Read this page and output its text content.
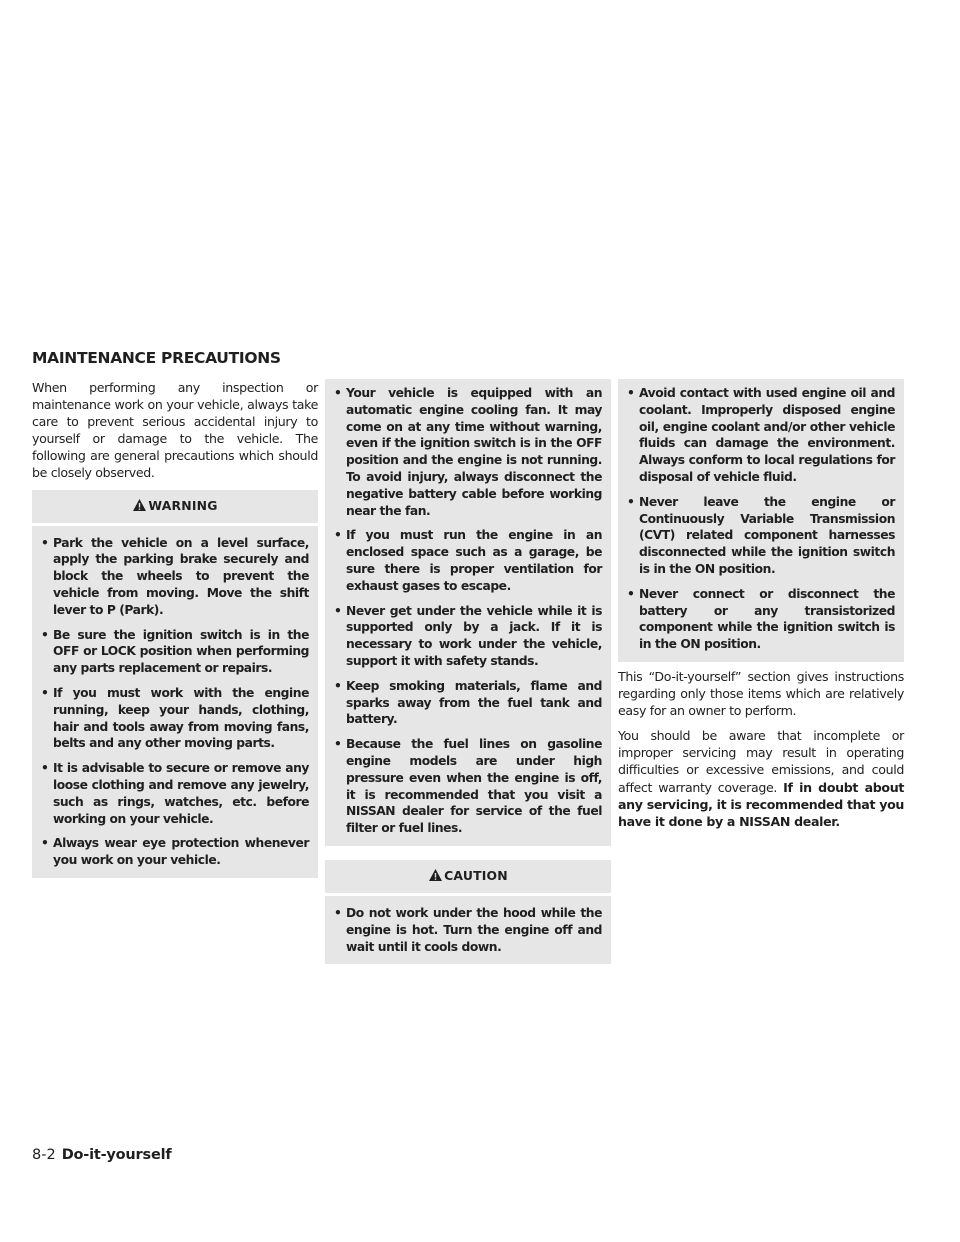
MAINTENANCE PRECAUTIONS

When performing any inspection or maintenance work on your vehicle, always take care to prevent serious accidental injury to yourself or damage to the vehicle. The following are general precautions which should be closely observed.

WARNING
• Park the vehicle on a level surface, apply the parking brake securely and block the wheels to prevent the vehicle from moving. Move the shift lever to P (Park).
• Be sure the ignition switch is in the OFF or LOCK position when performing any parts replacement or repairs.
• If you must work with the engine running, keep your hands, clothing, hair and tools away from moving fans, belts and any other moving parts.
• It is advisable to secure or remove any loose clothing and remove any jewelry, such as rings, watches, etc. before working on your vehicle.
• Always wear eye protection whenever you work on your vehicle.
• Your vehicle is equipped with an automatic engine cooling fan. It may come on at any time without warning, even if the ignition switch is in the OFF position and the engine is not running. To avoid injury, always disconnect the negative battery cable before working near the fan.
• If you must run the engine in an enclosed space such as a garage, be sure there is proper ventilation for exhaust gases to escape.
• Never get under the vehicle while it is supported only by a jack. If it is necessary to work under the vehicle, support it with safety stands.
• Keep smoking materials, flame and sparks away from the fuel tank and battery.
• Because the fuel lines on gasoline engine models are under high pressure even when the engine is off, it is recommended that you visit a NISSAN dealer for service of the fuel filter or fuel lines.
CAUTION
• Do not work under the hood while the engine is hot. Turn the engine off and wait until it cools down.
• Avoid contact with used engine oil and coolant. Improperly disposed engine oil, engine coolant and/or other vehicle fluids can damage the environment. Always conform to local regulations for disposal of vehicle fluid.
• Never leave the engine or Continuously Variable Transmission (CVT) related component harnesses disconnected while the ignition switch is in the ON position.
• Never connect or disconnect the battery or any transistorized component while the ignition switch is in the ON position.

This “Do-it-yourself” section gives instructions regarding only those items which are relatively easy for an owner to perform.

You should be aware that incomplete or improper servicing may result in operating difficulties or excessive emissions, and could affect warranty coverage. If in doubt about any servicing, it is recommended that you have it done by a NISSAN dealer.

8-2 Do-it-yourself
